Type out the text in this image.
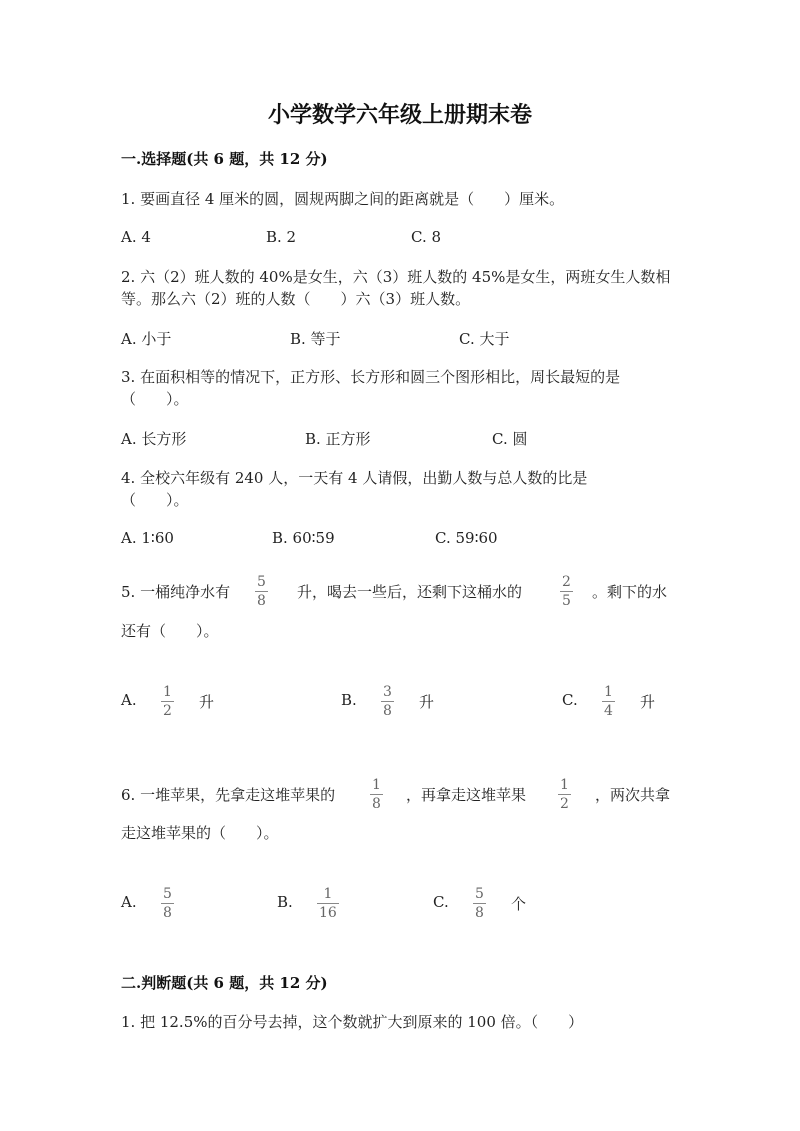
小学数学六年级上册期末卷
一.选择题(共 6 题，共 12 分)
1. 要画直径 4 厘米的圆，圆规两脚之间的距离就是（　　）厘米。
A. 4	B. 2	C. 8
2. 六（2）班人数的 40%是女生，六（3）班人数的 45%是女生，两班女生人数相
等。那么六（2）班的人数（　　）六（3）班人数。
A. 小于	B. 等于	C. 大于
3. 在面积相等的情况下，正方形、长方形和圆三个图形相比，周长最短的是
（　　）。
A. 长方形	B. 正方形	C. 圆
4. 全校六年级有 240 人，一天有 4 人请假，出勤人数与总人数的比是
（　　）。
A. 1∶60	B. 60∶59	C. 59∶60
5. 一桶纯净水有
5
8 升，喝去一些后，还剩下这桶水的
2
5 。剩下的水
还有（　　）。
A. 1
2 升	B. 3
8 升	C. 1
4 升
6. 一堆苹果，先拿走这堆苹果的
1
8 ，再拿走这堆苹果
1
2 ，两次共拿
走这堆苹果的（　　）。
A. 5
8
B. 1
16
C. 5
8 个
二.判断题(共 6 题，共 12 分)
1. 把 12.5%的百分号去掉，这个数就扩大到原来的 100 倍。（　　）
